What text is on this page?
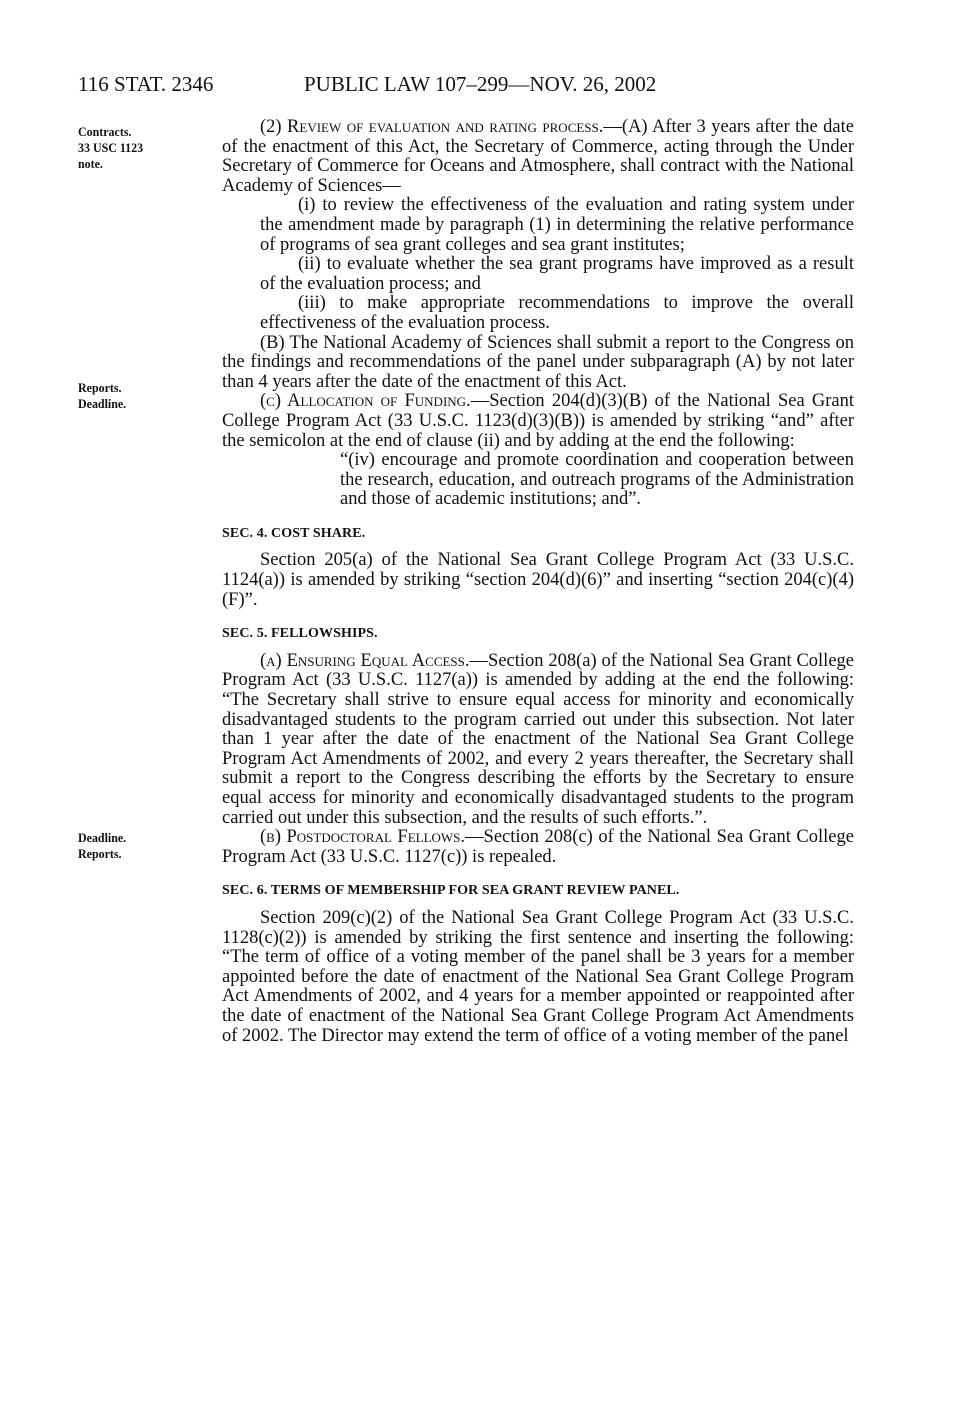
116 STAT. 2346	PUBLIC LAW 107–299—NOV. 26, 2002
Contracts.
33 USC 1123
note.
Reports.
Deadline.
Deadline.
Reports.

(2) Review of evaluation and rating process.—(A) After 3 years after the date of the enactment of this Act, the Secretary of Commerce, acting through the Under Secretary of Commerce for Oceans and Atmosphere, shall contract with the National Academy of Sciences—

(i) to review the effectiveness of the evaluation and rating system under the amendment made by paragraph (1) in determining the relative performance of programs of sea grant colleges and sea grant institutes;

(ii) to evaluate whether the sea grant programs have improved as a result of the evaluation process; and

(iii) to make appropriate recommendations to improve the overall effectiveness of the evaluation process.

(B) The National Academy of Sciences shall submit a report to the Congress on the findings and recommendations of the panel under subparagraph (A) by not later than 4 years after the date of the enactment of this Act.

(c) Allocation of Funding.—Section 204(d)(3)(B) of the National Sea Grant College Program Act (33 U.S.C. 1123(d)(3)(B)) is amended by striking “and” after the semicolon at the end of clause (ii) and by adding at the end the following:

“(iv) encourage and promote coordination and cooperation between the research, education, and outreach programs of the Administration and those of academic institutions; and”.

SEC. 4. COST SHARE.

Section 205(a) of the National Sea Grant College Program Act (33 U.S.C. 1124(a)) is amended by striking “section 204(d)(6)” and inserting “section 204(c)(4)(F)”.

SEC. 5. FELLOWSHIPS.

(a) Ensuring Equal Access.—Section 208(a) of the National Sea Grant College Program Act (33 U.S.C. 1127(a)) is amended by adding at the end the following: “The Secretary shall strive to ensure equal access for minority and economically disadvantaged students to the program carried out under this subsection. Not later than 1 year after the date of the enactment of the National Sea Grant College Program Act Amendments of 2002, and every 2 years thereafter, the Secretary shall submit a report to the Congress describing the efforts by the Secretary to ensure equal access for minority and economically disadvantaged students to the program carried out under this subsection, and the results of such efforts.”.

(b) Postdoctoral Fellows.—Section 208(c) of the National Sea Grant College Program Act (33 U.S.C. 1127(c)) is repealed.

SEC. 6. TERMS OF MEMBERSHIP FOR SEA GRANT REVIEW PANEL.

Section 209(c)(2) of the National Sea Grant College Program Act (33 U.S.C. 1128(c)(2)) is amended by striking the first sentence and inserting the following: “The term of office of a voting member of the panel shall be 3 years for a member appointed before the date of enactment of the National Sea Grant College Program Act Amendments of 2002, and 4 years for a member appointed or reappointed after the date of enactment of the National Sea Grant College Program Act Amendments of 2002. The Director may extend the term of office of a voting member of the panel
